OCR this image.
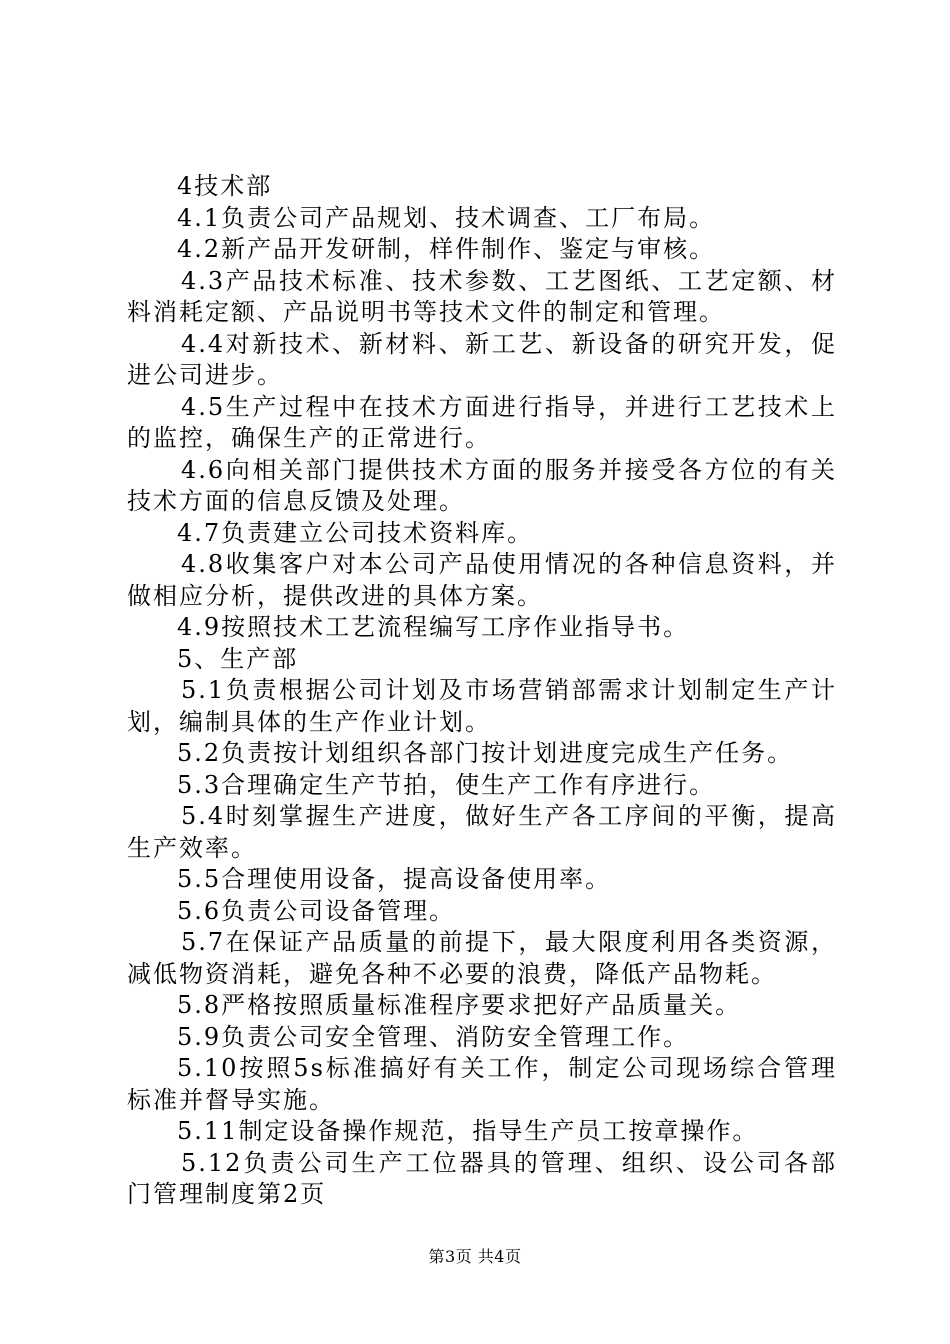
4技术部

4.1负责公司产品规划、技术调查、工厂布局。

4.2新产品开发研制，样件制作、鉴定与审核。

4.3产品技术标准、技术参数、工艺图纸、工艺定额、材料消耗定额、产品说明书等技术文件的制定和管理。

4.4对新技术、新材料、新工艺、新设备的研究开发，促进公司进步。

4.5生产过程中在技术方面进行指导，并进行工艺技术上的监控，确保生产的正常进行。

4.6向相关部门提供技术方面的服务并接受各方位的有关技术方面的信息反馈及处理。

4.7负责建立公司技术资料库。

4.8收集客户对本公司产品使用情况的各种信息资料，并做相应分析，提供改进的具体方案。

4.9按照技术工艺流程编写工序作业指导书。

5、生产部

5.1负责根据公司计划及市场营销部需求计划制定生产计划，编制具体的生产作业计划。

5.2负责按计划组织各部门按计划进度完成生产任务。

5.3合理确定生产节拍，使生产工作有序进行。

5.4时刻掌握生产进度，做好生产各工序间的平衡，提高生产效率。

5.5合理使用设备，提高设备使用率。

5.6负责公司设备管理。

5.7在保证产品质量的前提下，最大限度利用各类资源，减低物资消耗，避免各种不必要的浪费，降低产品物耗。

5.8严格按照质量标准程序要求把好产品质量关。

5.9负责公司安全管理、消防安全管理工作。

5.10按照5s标准搞好有关工作，制定公司现场综合管理标准并督导实施。

5.11制定设备操作规范，指导生产员工按章操作。

5.12负责公司生产工位器具的管理、组织、设公司各部门管理制度第2页

第3页 共4页
